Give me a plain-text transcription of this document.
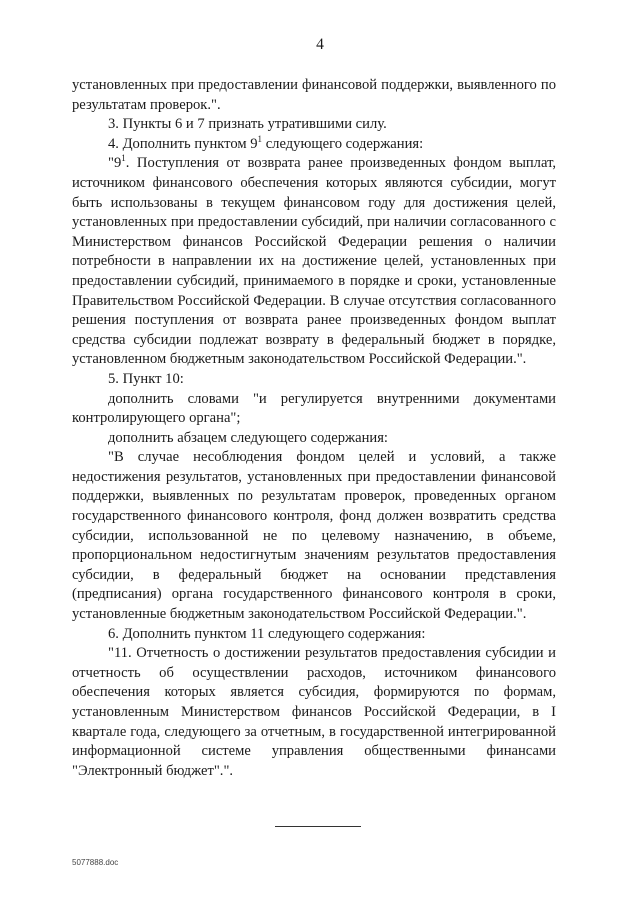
4

установленных при предоставлении финансовой поддержки, выявленного по результатам проверок.".

3. Пункты 6 и 7 признать утратившими силу.

4. Дополнить пунктом $9^1$ следующего содержания:

"$9^1$. Поступления от возврата ранее произведенных фондом выплат, источником финансового обеспечения которых являются субсидии, могут быть использованы в текущем финансовом году для достижения целей, установленных при предоставлении субсидий, при наличии согласованного с Министерством финансов Российской Федерации решения о наличии потребности в направлении их на достижение целей, установленных при предоставлении субсидий, принимаемого в порядке и сроки, установленные Правительством Российской Федерации. В случае отсутствия согласованного решения поступления от возврата ранее произведенных фондом выплат средства субсидии подлежат возврату в федеральный бюджет в порядке, установленном бюджетным законодательством Российской Федерации.".

5. Пункт 10:

дополнить словами "и регулируется внутренними документами контролирующего органа";

дополнить абзацем следующего содержания:

"В случае несоблюдения фондом целей и условий, а также недостижения результатов, установленных при предоставлении финансовой поддержки, выявленных по результатам проверок, проведенных органом государственного финансового контроля, фонд должен возвратить средства субсидии, использованной не по целевому назначению, в объеме, пропорциональном недостигнутым значениям результатов предоставления субсидии, в федеральный бюджет на основании представления (предписания) органа государственного финансового контроля в сроки, установленные бюджетным законодательством Российской Федерации.".

6. Дополнить пунктом 11 следующего содержания:

"11. Отчетность о достижении результатов предоставления субсидии и отчетность об осуществлении расходов, источником финансового обеспечения которых является субсидия, формируются по формам, установленным Министерством финансов Российской Федерации, в I квартале года, следующего за отчетным, в государственной интегрированной информационной системе управления общественными финансами "Электронный бюджет".".

5077888.doc
